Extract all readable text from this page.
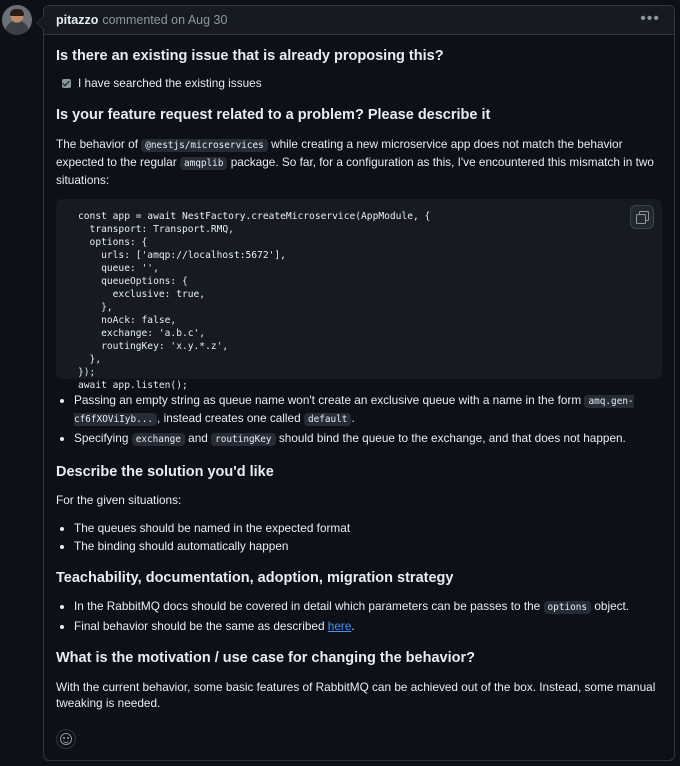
pitazzo commented on Aug 30	•••
Is there an existing issue that is already proposing this?
I have searched the existing issues
Is your feature request related to a problem? Please describe it

The behavior of @nestjs/microservices while creating a new microservice app does not match the behavior expected to the regular amqplib package. So far, for a configuration as this, I've encountered this mismatch in two situations:

const app = await NestFactory.createMicroservice(AppModule, {
transport: Transport.RMQ,
options: {
urls: ['amqp://localhost:5672'],
queue: '',
queueOptions: {
exclusive: true,
},
noAck: false,
exchange: 'a.b.c',
routingKey: 'x.y.*.z',
},
});
await app.listen();
• Passing an empty string as queue name won't create an exclusive queue with a name in the form amq.gen-cf6fXOViIyb... , instead creates one called default .
• Specifying exchange and routingKey should bind the queue to the exchange, and that does not happen.
Describe the solution you'd like

For the given situations:

• The queues should be named in the expected format
• The binding should automatically happen
Teachability, documentation, adoption, migration strategy
• In the RabbitMQ docs should be covered in detail which parameters can be passes to the options object.
• Final behavior should be the same as described here.
What is the motivation / use case for changing the behavior?

With the current behavior, some basic features of RabbitMQ can be achieved out of the box. Instead, some manual tweaking is needed.
